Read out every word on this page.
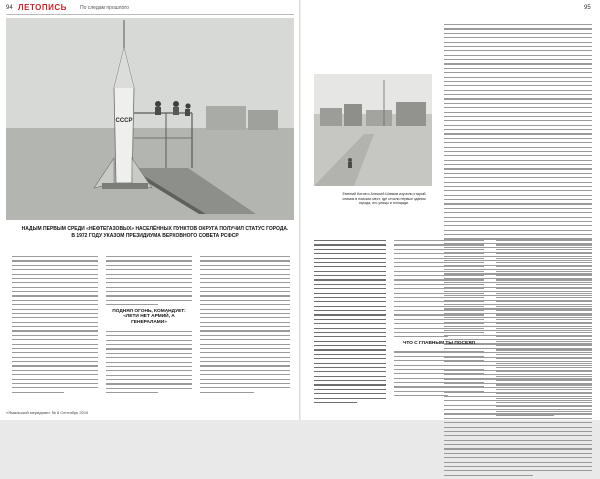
94 ЛЕТОПИСЬ	По следам прошлого	95
СССР
НАДЫМ ПЕРВЫМ СРЕДИ «НЕФТЕГАЗОВЫХ» НАСЕЛЁННЫХ ПУНКТОВ ОКРУГА ПОЛУЧИЛ СТАТУС ГОРОДА. В 1972 ГОДУ УКАЗОМ ПРЕЗИДИУМА ВЕРХОВНОГО СОВЕТА РСФСР
ПОДНЯЛ ОГОНЬ, КОМАНДУЕТ: «ЛЕТИ НЕТ АРМИЙ, А ГЕНЕРАЛАМИ»
Евгений Котов и Алексей Шпаков изучили старый снимок в поисках мест, где стояли первые здания города, его улицы и площади.
ЧТО С ГЛАВНЫМ ТЫ ПОСЕЯЛ
«Ямальский меридиан» № 8 Сентябрь 2019
